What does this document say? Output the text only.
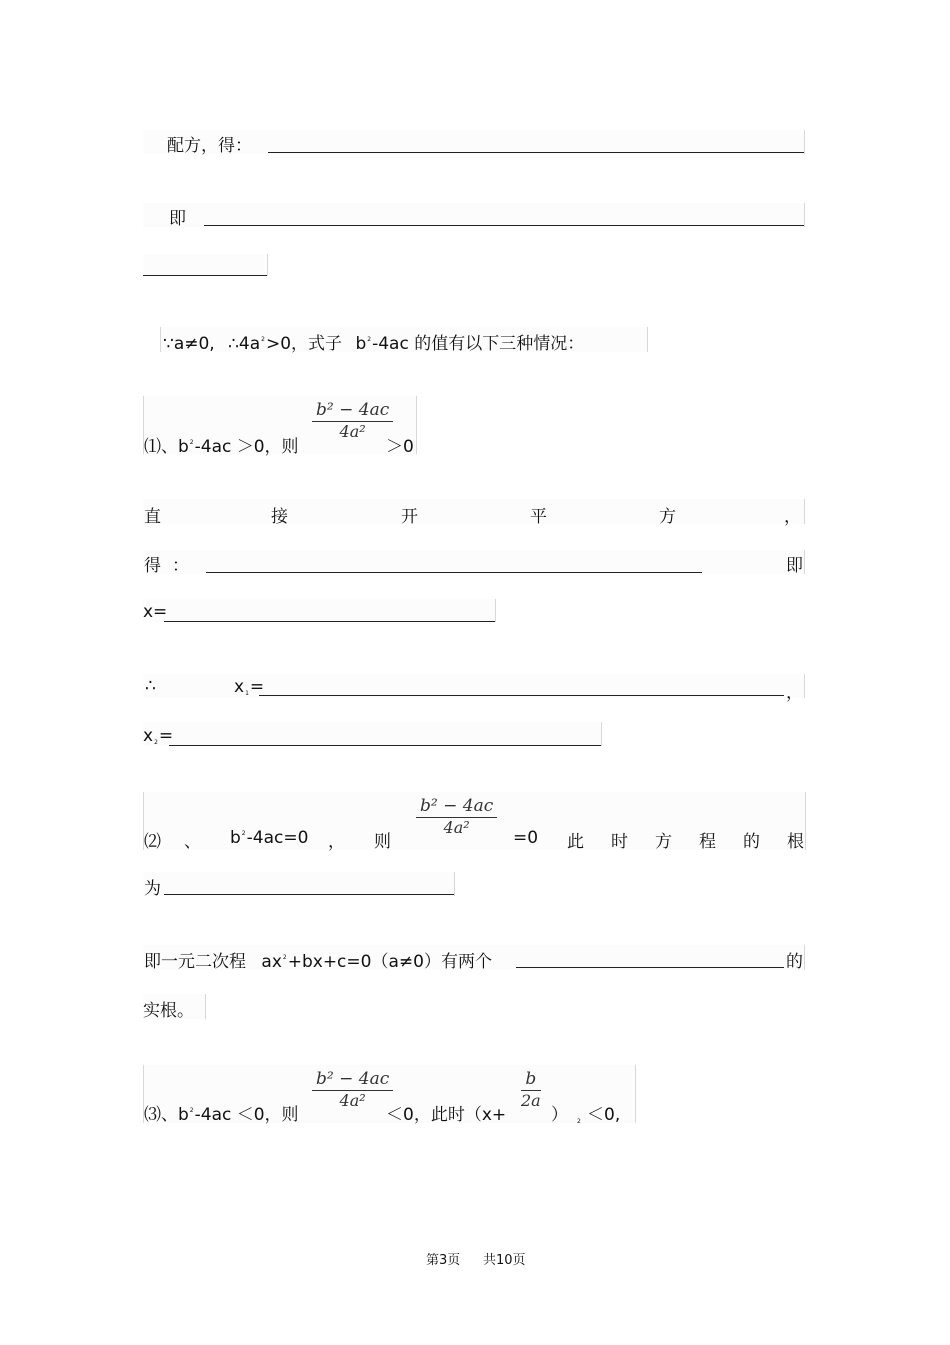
配方，得：
即
∵a≠0, $\therefore 4a^2>0$，式子 $b^2-4ac$ 的值有以下三种情况：
⑴、$b^2-4ac >0$，则
$\frac{\text{b² − 4ac}}{\text{4a²}}$
＞0
直	接	开	平	方	，
得 ：	即
x=
∴	x1=	，
x2=
⑵ 、 $b^2-4ac=0$ ， 则
$\frac{\text{b² − 4ac}}{\text{4a²}} =0$ 此 时 方 程 的 根
为
即一元二次程 $ax^2+bx+c=0(a\ne 0)$有两个	的
实根。
⑶、$b^2-4ac <0$，则
$\frac{\text{b² − 4ac}}{\text{4a²}}$
＜0，此时（x+
$\frac{b}{2a}$
） $_2$ ＜0,
第3页 共10页
